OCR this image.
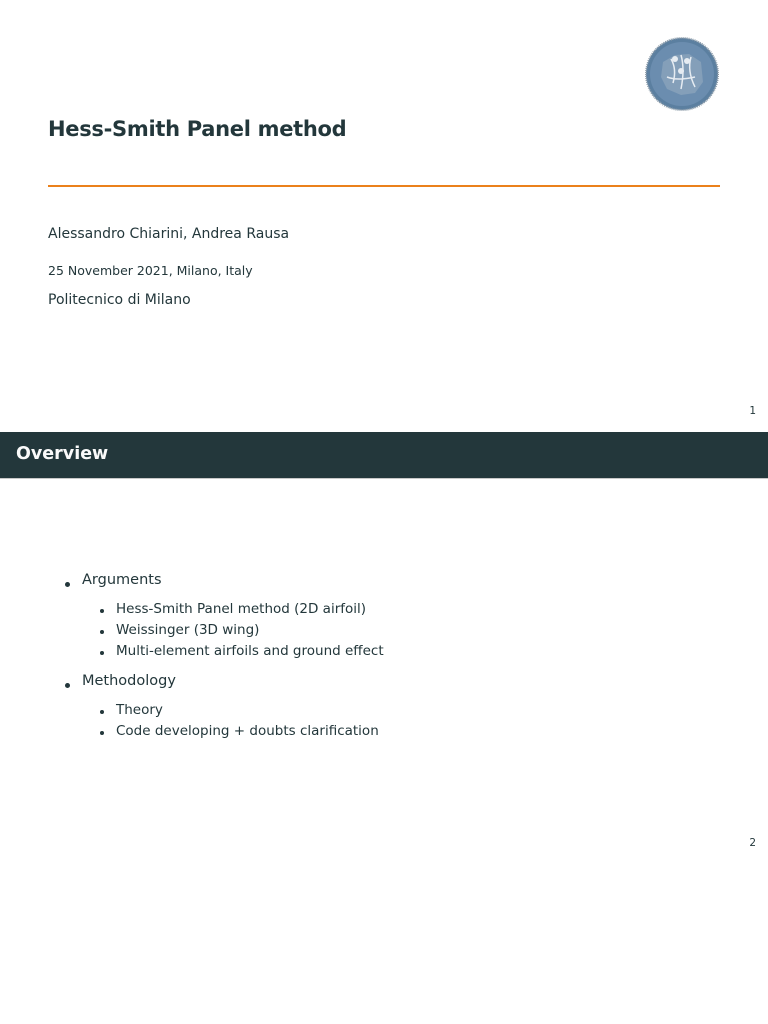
Hess-Smith Panel method
Alessandro Chiarini, Andrea Rausa
25 November 2021, Milano, Italy
Politecnico di Milano
1
Overview
Arguments
Hess-Smith Panel method (2D airfoil)
Weissinger (3D wing)
Multi-element airfoils and ground effect
Methodology
Theory
Code developing + doubts clarification
2
